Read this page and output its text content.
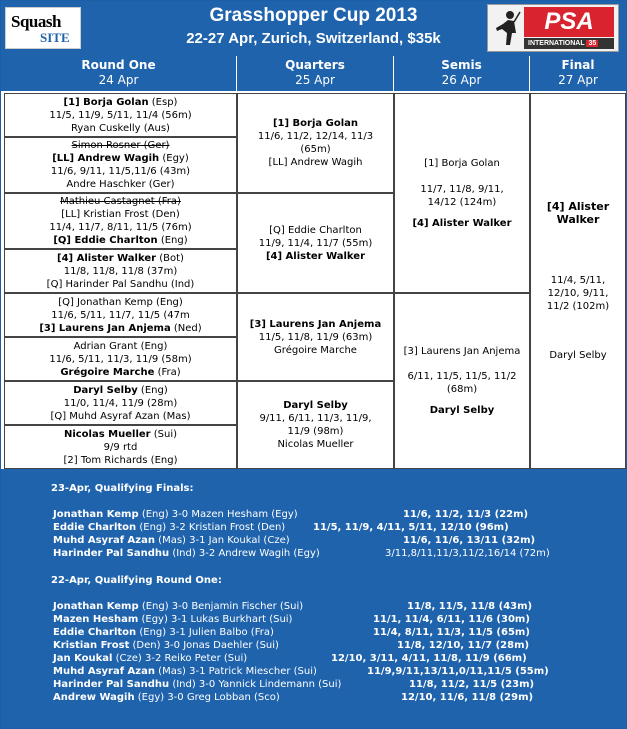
Squash
SITE
Grasshopper Cup 2013
22-27 Apr, Zurich, Switzerland, $35k
PSA
INTERNATIONAL 35
Round One
24 Apr
Quarters
25 Apr
Semis
26 Apr
Final
27 Apr
[1] Borja Golan (Esp)
11/5, 11/9, 5/11, 11/4 (56m)
Ryan Cuskelly (Aus)
Simon Rosner (Ger)
[LL] Andrew Wagih (Egy)
11/6, 9/11, 11/5,11/6 (43m)
Andre Haschker (Ger)
Mathieu Castagnet (Fra)
[LL] Kristian Frost (Den)
11/4, 11/7, 8/11, 11/5 (76m)
[Q] Eddie Charlton (Eng)
[4] Alister Walker (Bot)
11/8, 11/8, 11/8 (37m)
[Q] Harinder Pal Sandhu (Ind)
[Q] Jonathan Kemp (Eng)
11/6, 5/11, 11/7, 11/5 (47m
[3] Laurens Jan Anjema (Ned)
Adrian Grant (Eng)
11/6, 5/11, 11/3, 11/9 (58m)
Grégoire Marche (Fra)
Daryl Selby (Eng)
11/0, 11/4, 11/9 (28m)
[Q] Muhd Asyraf Azan (Mas)
Nicolas Mueller (Sui)
9/9 rtd
[2] Tom Richards (Eng)
[1] Borja Golan
11/6, 11/2, 12/14, 11/3
(65m)
[LL] Andrew Wagih
[Q] Eddie Charlton
11/9, 11/4, 11/7 (55m)
[4] Alister Walker
[3] Laurens Jan Anjema
11/5, 11/8, 11/9 (63m)
Grégoire Marche
Daryl Selby
9/11, 6/11, 11/3, 11/9,
11/9 (98m)
Nicolas Mueller
[1] Borja Golan
11/7, 11/8, 9/11,
14/12 (124m)
[4] Alister Walker
[3] Laurens Jan Anjema
6/11, 11/5, 11/5, 11/2
(68m)
Daryl Selby
[4] Alister
Walker
11/4, 5/11,
12/10, 9/11,
11/2 (102m)
Daryl Selby
23-Apr, Qualifying Finals:
Jonathan Kemp (Eng) 3-0 Mazen Hesham (Egy)	11/6, 11/2, 11/3 (22m)
Eddie Charlton (Eng) 3-2 Kristian Frost (Den)	11/5, 11/9, 4/11, 5/11, 12/10 (96m)
Muhd Asyraf Azan (Mas) 3-1 Jan Koukal (Cze)	11/6, 11/6, 13/11 (32m)
Harinder Pal Sandhu (Ind) 3-2 Andrew Wagih (Egy)	3/11,8/11,11/3,11/2,16/14 (72m)
22-Apr, Qualifying Round One:
Jonathan Kemp (Eng) 3-0 Benjamin Fischer (Sui)	11/8, 11/5, 11/8 (43m)
Mazen Hesham (Egy) 3-1 Lukas Burkhart (Sui)	11/1, 11/4, 6/11, 11/6 (30m)
Eddie Charlton (Eng) 3-1 Julien Balbo (Fra)	11/4, 8/11, 11/3, 11/5 (65m)
Kristian Frost (Den) 3-0 Jonas Daehler (Sui)	11/8, 12/10, 11/7 (28m)
Jan Koukal (Cze) 3-2 Reiko Peter (Sui)	12/10, 3/11, 4/11, 11/8, 11/9 (66m)
Muhd Asyraf Azan (Mas) 3-1 Patrick Miescher (Sui)	11/9,9/11,13/11,0/11,11/5 (55m)
Harinder Pal Sandhu (Ind) 3-0 Yannick Lindemann (Sui)	11/8, 11/2, 11/5 (23m)
Andrew Wagih (Egy) 3-0 Greg Lobban (Sco)	12/10, 11/6, 11/8 (29m)
